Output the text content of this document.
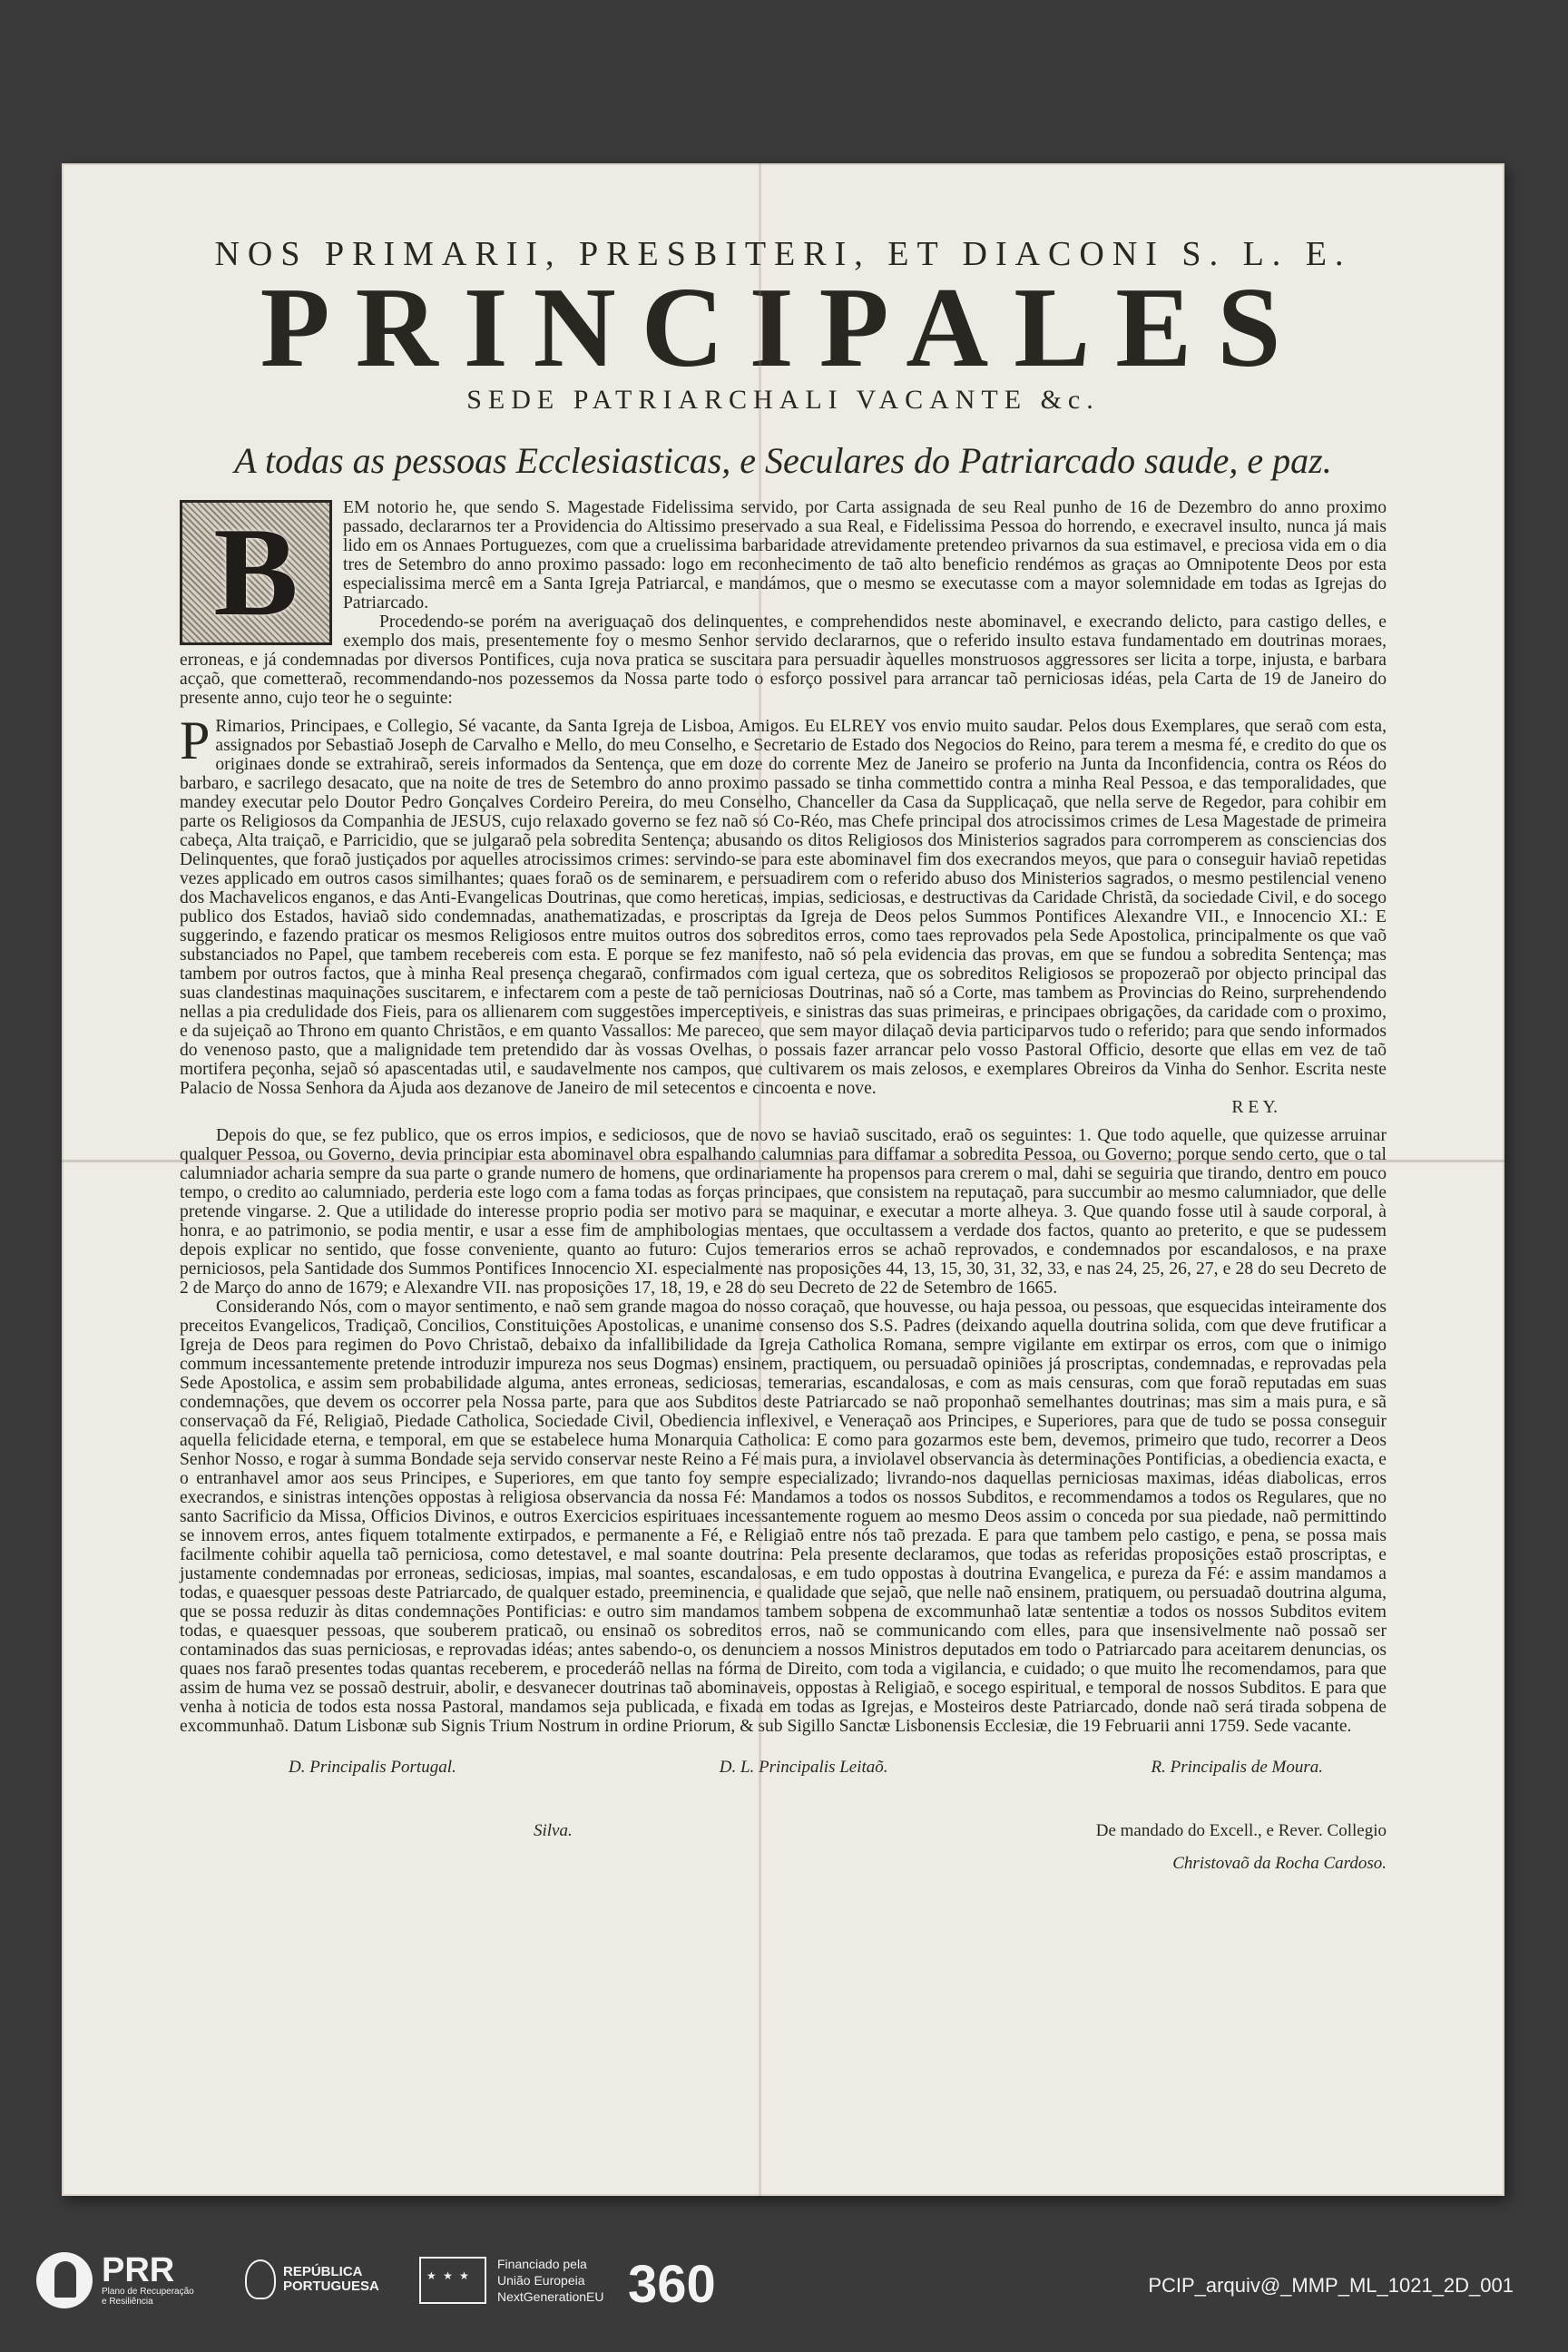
NOS PRIMARII, PRESBITERI, ET DIACONI S. L. E.
PRINCIPALES
SEDE PATRIARCHALI VACANTE &c.
A todas as pessoas Ecclesiasticas, e Seculares do Patriarcado saude, e paz.
B	EM notorio he, que sendo S. Magestade Fidelissima servido, por Carta assignada de seu Real punho de 16 de Dezembro do anno proximo passado, declararnos ter a Providencia do Altissimo preservado a sua Real, e Fidelissima Pessoa do horrendo, e execravel insulto, nunca já mais lido em os Annaes Portuguezes, com que a cruelissima barbaridade atrevidamente pretendeo privarnos da sua estimavel, e preciosa vida em o dia tres de Setembro do anno proximo passado: logo em reconhecimento de taõ alto beneficio rendémos as graças ao Omnipotente Deos por esta especialissima mercê em a Santa Igreja Patriarcal, e mandámos, que o mesmo se executasse com a mayor solemnidade em todas as Igrejas do Patriarcado.

Procedendo-se porém na averiguaçaõ dos delinquentes, e comprehendidos neste abominavel, e execrando delicto, para castigo delles, e exemplo dos mais, presentemente foy o mesmo Senhor servido declararnos, que o referido insulto estava fundamentado em doutrinas moraes, erroneas, e já condemnadas por diversos Pontifices, cuja nova pratica se suscitara para persuadir àquelles monstruosos aggressores ser licita a torpe, injusta, e barbara acçaõ, que cometteraõ, recommendando-nos pozessemos da Nossa parte todo o esforço possivel para arrancar taõ perniciosas idéas, pela Carta de 19 de Janeiro do presente anno, cujo teor he o seguinte:

P Rimarios, Principaes, e Collegio, Sé vacante, da Santa Igreja de Lisboa, Amigos. Eu ELREY vos envio muito saudar. Pelos dous Exemplares, que seraõ com esta, assignados por Sebastiaõ Joseph de Carvalho e Mello, do meu Conselho, e Secretario de Estado dos Negocios do Reino, para terem a mesma fé, e credito do que os originaes donde se extrahiraõ, sereis informados da Sentença, que em doze do corrente Mez de Janeiro se proferio na Junta da Inconfidencia, contra os Réos do barbaro, e sacrilego desacato, que na noite de tres de Setembro do anno proximo passado se tinha commettido contra a minha Real Pessoa, e das temporalidades, que mandey executar pelo Doutor Pedro Gonçalves Cordeiro Pereira, do meu Conselho, Chanceller da Casa da Supplicaçaõ, que nella serve de Regedor, para cohibir em parte os Religiosos da Companhia de JESUS, cujo relaxado governo se fez naõ só Co-Réo, mas Chefe principal dos atrocissimos crimes de Lesa Magestade de primeira cabeça, Alta traiçaõ, e Parricidio, que se julgaraõ pela sobredita Sentença; abusando os ditos Religiosos dos Ministerios sagrados para corromperem as consciencias dos Delinquentes, que foraõ justiçados por aquelles atrocissimos crimes: servindo-se para este abominavel fim dos execrandos meyos, que para o conseguir haviaõ repetidas vezes applicado em outros casos similhantes; quaes foraõ os de seminarem, e persuadirem com o referido abuso dos Ministerios sagrados, o mesmo pestilencial veneno dos Machavelicos enganos, e das Anti-Evangelicas Doutrinas, que como hereticas, impias, sediciosas, e destructivas da Caridade Christã, da sociedade Civil, e do socego publico dos Estados, haviaõ sido condemnadas, anathematizadas, e proscriptas da Igreja de Deos pelos Summos Pontifices Alexandre VII., e Innocencio XI.: E suggerindo, e fazendo praticar os mesmos Religiosos entre muitos outros dos sobreditos erros, como taes reprovados pela Sede Apostolica, principalmente os que vaõ substanciados no Papel, que tambem recebereis com esta. E porque se fez manifesto, naõ só pela evidencia das provas, em que se fundou a sobredita Sentença; mas tambem por outros factos, que à minha Real presença chegaraõ, confirmados com igual certeza, que os sobreditos Religiosos se propozeraõ por objecto principal das suas clandestinas maquinações suscitarem, e infectarem com a peste de taõ perniciosas Doutrinas, naõ só a Corte, mas tambem as Provincias do Reino, surprehendendo nellas a pia credulidade dos Fieis, para os allienarem com suggestões imperceptiveis, e sinistras das suas primeiras, e principaes obrigações, da caridade com o proximo, e da sujeiçaõ ao Throno em quanto Christãos, e em quanto Vassallos: Me pareceo, que sem mayor dilaçaõ devia participarvos tudo o referido; para que sendo informados do venenoso pasto, que a malignidade tem pretendido dar às vossas Ovelhas, o possais fazer arrancar pelo vosso Pastoral Officio, desorte que ellas em vez de taõ mortifera peçonha, sejaõ só apascentadas util, e saudavelmente nos campos, que cultivarem os mais zelosos, e exemplares Obreiros da Vinha do Senhor. Escrita neste Palacio de Nossa Senhora da Ajuda aos dezanove de Janeiro de mil setecentos e cincoenta e nove.

R E Y.

Depois do que, se fez publico, que os erros impios, e sediciosos, que de novo se haviaõ suscitado, eraõ os seguintes: 1. Que todo aquelle, que quizesse arruinar qualquer Pessoa, ou Governo, devia principiar esta abominavel obra espalhando calumnias para diffamar a sobredita Pessoa, ou Governo; porque sendo certo, que o tal calumniador acharia sempre da sua parte o grande numero de homens, que ordinariamente ha propensos para crerem o mal, dahi se seguiria que tirando, dentro em pouco tempo, o credito ao calumniado, perderia este logo com a fama todas as forças principaes, que consistem na reputaçaõ, para succumbir ao mesmo calumniador, que delle pretende vingarse. 2. Que a utilidade do interesse proprio podia ser motivo para se maquinar, e executar a morte alheya. 3. Que quando fosse util à saude corporal, à honra, e ao patrimonio, se podia mentir, e usar a esse fim de amphibologias mentaes, que occultassem a verdade dos factos, quanto ao preterito, e que se pudessem depois explicar no sentido, que fosse conveniente, quanto ao futuro: Cujos temerarios erros se achaõ reprovados, e condemnados por escandalosos, e na praxe perniciosos, pela Santidade dos Summos Pontifices Innocencio XI. especialmente nas proposições 44, 13, 15, 30, 31, 32, 33, e nas 24, 25, 26, 27, e 28 do seu Decreto de 2 de Março do anno de 1679; e Alexandre VII. nas proposições 17, 18, 19, e 28 do seu Decreto de 22 de Setembro de 1665.

Considerando Nós, com o mayor sentimento, e naõ sem grande magoa do nosso coraçaõ, que houvesse, ou haja pessoa, ou pessoas, que esquecidas inteiramente dos preceitos Evangelicos, Tradiçaõ, Concilios, Constituições Apostolicas, e unanime consenso dos S.S. Padres (deixando aquella doutrina solida, com que deve frutificar a Igreja de Deos para regimen do Povo Christaõ, debaixo da infallibilidade da Igreja Catholica Romana, sempre vigilante em extirpar os erros, com que o inimigo commum incessantemente pretende introduzir impureza nos seus Dogmas) ensinem, practiquem, ou persuadaõ opiniões já proscriptas, condemnadas, e reprovadas pela Sede Apostolica, e assim sem probabilidade alguma, antes erroneas, sediciosas, temerarias, escandalosas, e com as mais censuras, com que foraõ reputadas em suas condemnações, que devem os occorrer pela Nossa parte, para que aos Subditos deste Patriarcado se naõ proponhaõ semelhantes doutrinas; mas sim a mais pura, e sã conservaçaõ da Fé, Religiaõ, Piedade Catholica, Sociedade Civil, Obediencia inflexivel, e Veneraçaõ aos Principes, e Superiores, para que de tudo se possa conseguir aquella felicidade eterna, e temporal, em que se estabelece huma Monarquia Catholica: E como para gozarmos este bem, devemos, primeiro que tudo, recorrer a Deos Senhor Nosso, e rogar à summa Bondade seja servido conservar neste Reino a Fé mais pura, a inviolavel observancia às determinações Pontificias, a obediencia exacta, e o entranhavel amor aos seus Principes, e Superiores, em que tanto foy sempre especializado; livrando-nos daquellas perniciosas maximas, idéas diabolicas, erros execrandos, e sinistras intenções oppostas à religiosa observancia da nossa Fé: Mandamos a todos os nossos Subditos, e recommendamos a todos os Regulares, que no santo Sacrificio da Missa, Officios Divinos, e outros Exercicios espirituaes incessantemente roguem ao mesmo Deos assim o conceda por sua piedade, naõ permittindo se innovem erros, antes fiquem totalmente extirpados, e permanente a Fé, e Religiaõ entre nós taõ prezada. E para que tambem pelo castigo, e pena, se possa mais facilmente cohibir aquella taõ perniciosa, como detestavel, e mal soante doutrina: Pela presente declaramos, que todas as referidas proposições estaõ proscriptas, e justamente condemnadas por erroneas, sediciosas, impias, mal soantes, escandalosas, e em tudo oppostas à doutrina Evangelica, e pureza da Fé: e assim mandamos a todas, e quaesquer pessoas deste Patriarcado, de qualquer estado, preeminencia, e qualidade que sejaõ, que nelle naõ ensinem, pratiquem, ou persuadaõ doutrina alguma, que se possa reduzir às ditas condemnações Pontificias: e outro sim mandamos tambem sobpena de excommunhaõ latæ sententiæ a todos os nossos Subditos evitem todas, e quaesquer pessoas, que souberem praticaõ, ou ensinaõ os sobreditos erros, naõ se communicando com elles, para que insensivelmente naõ possaõ ser contaminados das suas perniciosas, e reprovadas idéas; antes sabendo-o, os denunciem a nossos Ministros deputados em todo o Patriarcado para aceitarem denuncias, os quaes nos faraõ presentes todas quantas receberem, e procederáõ nellas na fórma de Direito, com toda a vigilancia, e cuidado; o que muito lhe recomendamos, para que assim de huma vez se possaõ destruir, abolir, e desvanecer doutrinas taõ abominaveis, oppostas à Religiaõ, e socego espiritual, e temporal de nossos Subditos. E para que venha à noticia de todos esta nossa Pastoral, mandamos seja publicada, e fixada em todas as Igrejas, e Mosteiros deste Patriarcado, donde naõ será tirada sobpena de excommunhaõ. Datum Lisbonæ sub Signis Trium Nostrum in ordine Priorum, & sub Sigillo Sanctæ Lisbonensis Ecclesiæ, die 19 Februarii anni 1759. Sede vacante.

D. Principalis Portugal.	D. L. Principalis Leitaõ.	R. Principalis de Moura.
Silva.	De mandado do Excell., e Rever. Collegio
Christovaõ da Rocha Cardoso.
PRR
Plano de Recuperação
e Resiliência
REPÚBLICA
PORTUGUESA
★ ★ ★
Financiado pela
União Europeia
NextGenerationEU 360	PCIP_arquiv@_MMP_ML_1021_2D_001
